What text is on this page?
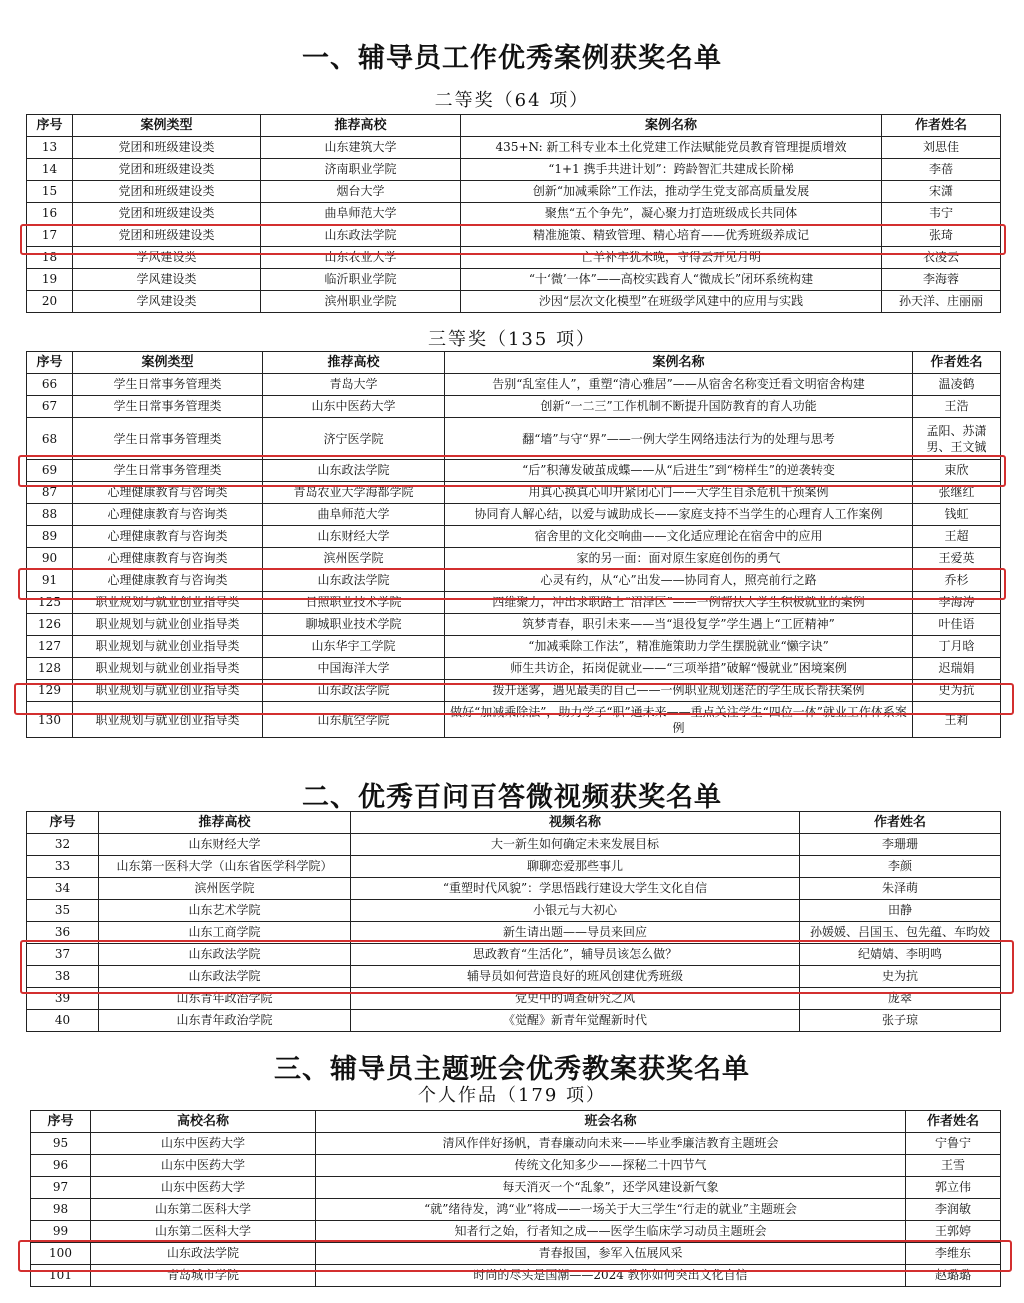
一、辅导员工作优秀案例获奖名单
二等奖（64 项）
序号	案例类型	推荐高校	案例名称	作者姓名
13	党团和班级建设类	山东建筑大学	435+N: 新工科专业本土化党建工作法赋能党员教育管理提质增效	刘思佳
14	党团和班级建设类	济南职业学院	“1+1 携手共进计划”：跨龄智汇共建成长阶梯	李蓓
15	党团和班级建设类	烟台大学	创新“加减乘除”工作法，推动学生党支部高质量发展	宋潇
16	党团和班级建设类	曲阜师范大学	聚焦“五个争先”，凝心聚力打造班级成长共同体	韦宁
17	党团和班级建设类	山东政法学院	精准施策、精致管理、精心培育——优秀班级养成记	张琦
18	学风建设类	山东农业大学	亡羊补牢犹未晚，守得云开见月明	衣凌云
19	学风建设类	临沂职业学院	“十‘微’一体”——高校实践育人“微成长”闭环系统构建	李海蓉
20	学风建设类	滨州职业学院	沙因“层次文化模型”在班级学风建中的应用与实践	孙天洋、庄丽丽
三等奖（135 项）
序号	案例类型	推荐高校	案例名称	作者姓名
66	学生日常事务管理类	青岛大学	告别“乱室佳人”，重塑“清心雅居”——从宿舍名称变迁看文明宿舍构建	温凌鹤
67	学生日常事务管理类	山东中医药大学	创新“一二三”工作机制不断提升国防教育的育人功能	王浩
68	学生日常事务管理类	济宁医学院	翻“墙”与守“界”——一例大学生网络违法行为的处理与思考	孟阳、苏潇男、王文铖
69	学生日常事务管理类	山东政法学院	“后”积薄发破茧成蝶——从“后进生”到“榜样生”的逆袭转变	束欣
87	心理健康教育与咨询类	青岛农业大学海都学院	用真心换真心叩开紧闭心门——大学生自杀危机干预案例	张继红
88	心理健康教育与咨询类	曲阜师范大学	协同育人解心结，以爱与诚助成长——家庭支持不当学生的心理育人工作案例	钱虹
89	心理健康教育与咨询类	山东财经大学	宿舍里的文化交响曲——文化适应理论在宿舍中的应用	王超
90	心理健康教育与咨询类	滨州医学院	家的另一面：面对原生家庭创伤的勇气	王爱英
91	心理健康教育与咨询类	山东政法学院	心灵有约，从“心”出发——协同育人，照亮前行之路	乔杉
125	职业规划与就业创业指导类	日照职业技术学院	四维聚力，冲出求职路上“沼泽区”——一例帮扶大学生积极就业的案例	李海涛
126	职业规划与就业创业指导类	聊城职业技术学院	筑梦青春，职引未来——当“退役复学”学生遇上“工匠精神”	叶佳语
127	职业规划与就业创业指导类	山东华宇工学院	“加减乘除工作法”，精准施策助力学生摆脱就业“懒字诀”	丁月晗
128	职业规划与就业创业指导类	中国海洋大学	师生共访企，拓岗促就业——“三项举措”破解“慢就业”困境案例	迟瑞娟
129	职业规划与就业创业指导类	山东政法学院	拨开迷雾，遇见最美的自己——一例职业规划迷茫的学生成长帮扶案例	史为抗
130	职业规划与就业创业指导类	山东航空学院	做好“加减乘除法”，助力学子“职”通未来——重点关注学生“四位一体”就业工作体系案例	王莉
二、优秀百问百答微视频获奖名单
序号	推荐高校	视频名称	作者姓名
32	山东财经大学	大一新生如何确定未来发展目标	李珊珊
33	山东第一医科大学（山东省医学科学院）	聊聊恋爱那些事儿	李颜
34	滨州医学院	“重塑时代风貌”：学思悟践行建设大学生文化自信	朱泽萌
35	山东艺术学院	小银元与大初心	田静
36	山东工商学院	新生请出题——导员来回应	孙媛媛、吕国玉、包先蕴、车昀姣
37	山东政法学院	思政教育“生活化”，辅导员该怎么做？	纪婧婧、李明鸣
38	山东政法学院	辅导员如何营造良好的班风创建优秀班级	史为抗
39	山东青年政治学院	党史中的调查研究之风	庞翠
40	山东青年政治学院	《觉醒》新青年觉醒新时代	张子琼
三、辅导员主题班会优秀教案获奖名单
个人作品（179 项）
序号	高校名称	班会名称	作者姓名
95	山东中医药大学	清风作伴好扬帆，青春廉动向未来——毕业季廉洁教育主题班会	宁鲁宁
96	山东中医药大学	传统文化知多少——探秘二十四节气	王雪
97	山东中医药大学	每天消灭一个“乱象”，还学风建设新气象	郭立伟
98	山东第二医科大学	“就”绪待发，鸿“业”将成——一场关于大三学生“行走的就业”主题班会	李润敏
99	山东第二医科大学	知者行之始，行者知之成——医学生临床学习动员主题班会	王郭婷
100	山东政法学院	青春报国，参军入伍展风采	李维东
101	青岛城市学院	时尚的尽头是国潮——2024 教你如何突出文化自信	赵璐璐
